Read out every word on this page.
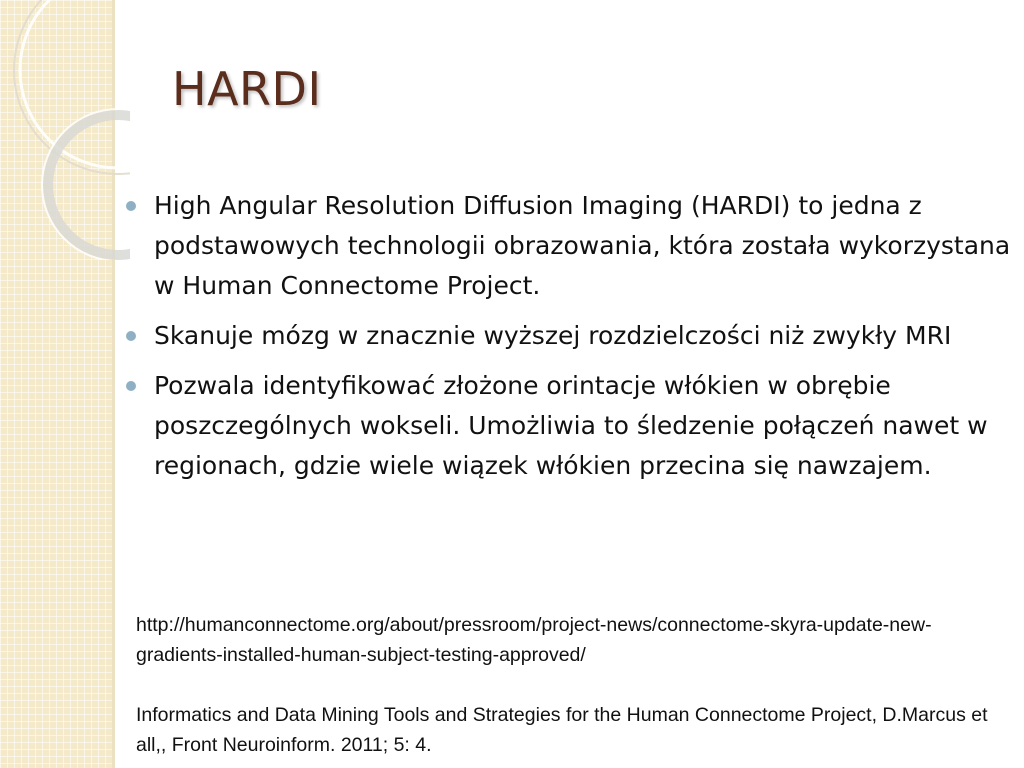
HARDI
High Angular Resolution Diffusion Imaging (HARDI) to jedna z podstawowych technologii obrazowania, która została wykorzystana w Human Connectome Project.
Skanuje mózg w znacznie wyższej rozdzielczości niż zwykły MRI
Pozwala identyfikować złożone orintacje włókien w obrębie poszczególnych wokseli. Umożliwia to śledzenie połączeń nawet w regionach, gdzie wiele wiązek włókien przecina się nawzajem.

http://humanconnectome.org/about/pressroom/project-news/connectome-skyra-update-new-gradients-installed-human-subject-testing-approved/

Informatics and Data Mining Tools and Strategies for the Human Connectome Project, D.Marcus et all,, Front Neuroinform. 2011; 5: 4.
